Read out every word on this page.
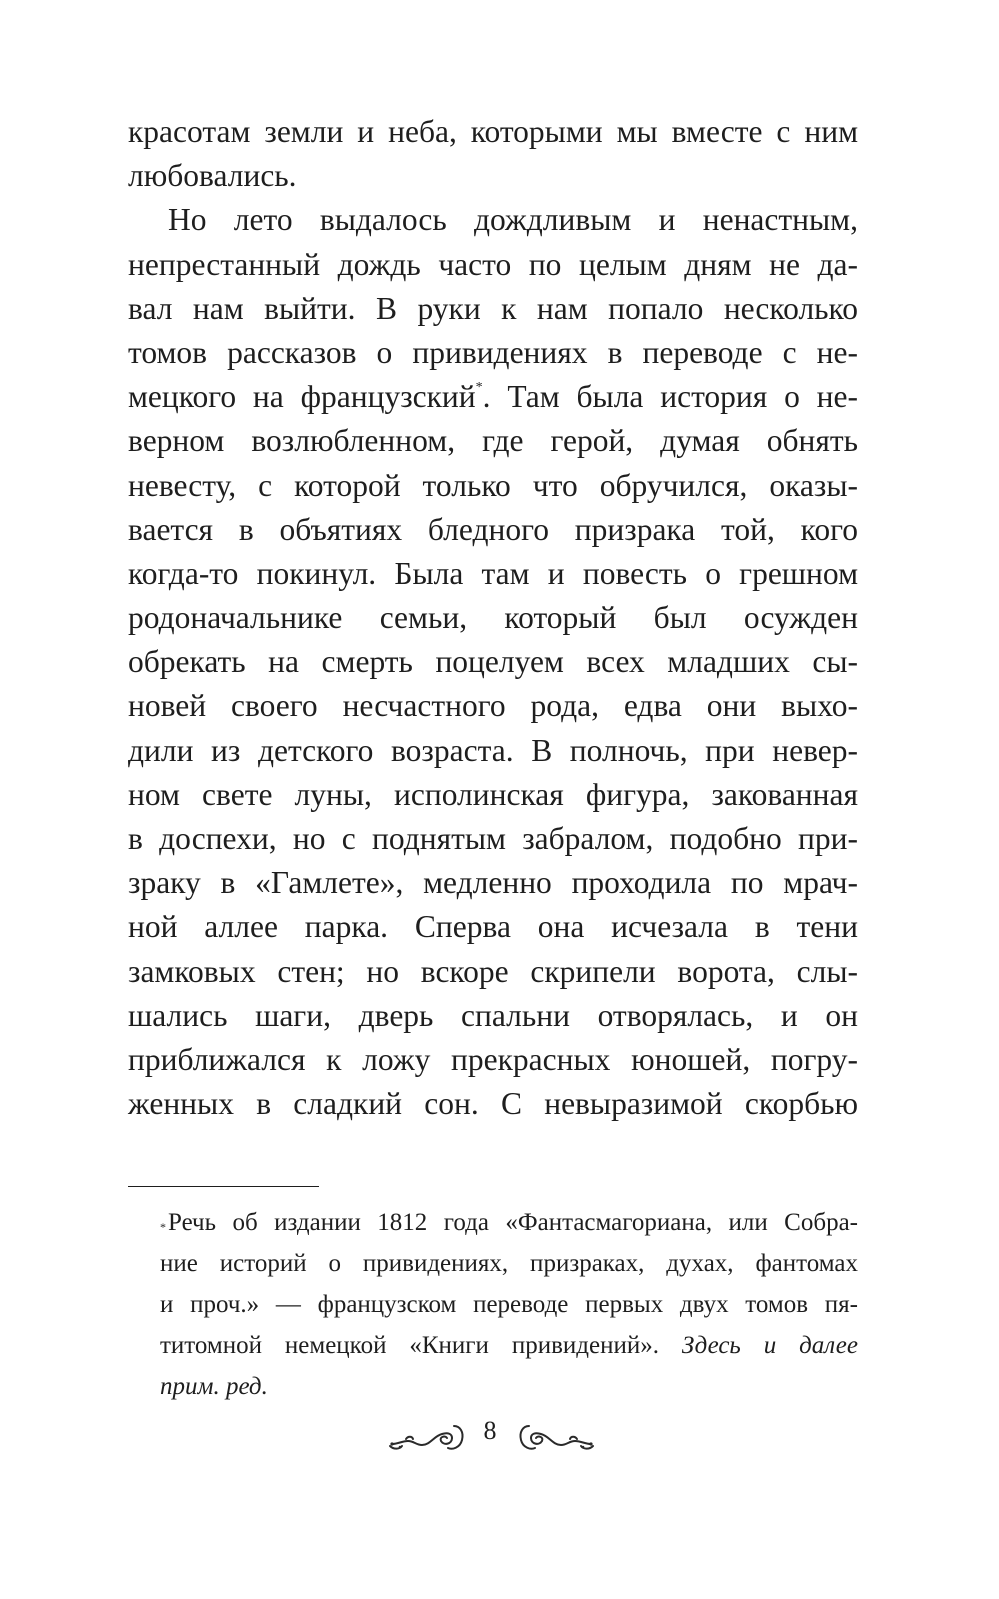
красотам земли и неба, которыми мы вместе с ним
любовались.
Но лето выдалось дождливым и ненастным,
непрестанный дождь часто по целым дням не да-
вал нам выйти. В руки к нам попало несколько
томов рассказов о привидениях в переводе с не-
мецкого на французский*. Там была история о не-
верном возлюбленном, где герой, думая обнять
невесту, с которой только что обручился, оказы-
вается в объятиях бледного призрака той, кого
когда-то покинул. Была там и повесть о грешном
родоначальнике семьи, который был осужден
обрекать на смерть поцелуем всех младших сы-
новей своего несчастного рода, едва они выхо-
дили из детского возраста. В полночь, при невер-
ном свете луны, исполинская фигура, закованная
в доспехи, но с поднятым забралом, подобно при-
зраку в «Гамлете», медленно проходила по мрач-
ной аллее парка. Сперва она исчезала в тени
замковых стен; но вскоре скрипели ворота, слы-
шались шаги, дверь спальни отворялась, и он
приближался к ложу прекрасных юношей, погру-
женных в сладкий сон. С невыразимой скорбью
*Речь об издании 1812 года «Фантасмагориана, или Собра-
ние историй о привидениях, призраках, духах, фантомах
и проч.» — французском переводе первых двух томов пя-
титомной немецкой «Книги привидений». Здесь и далее
прим. ред.
8
